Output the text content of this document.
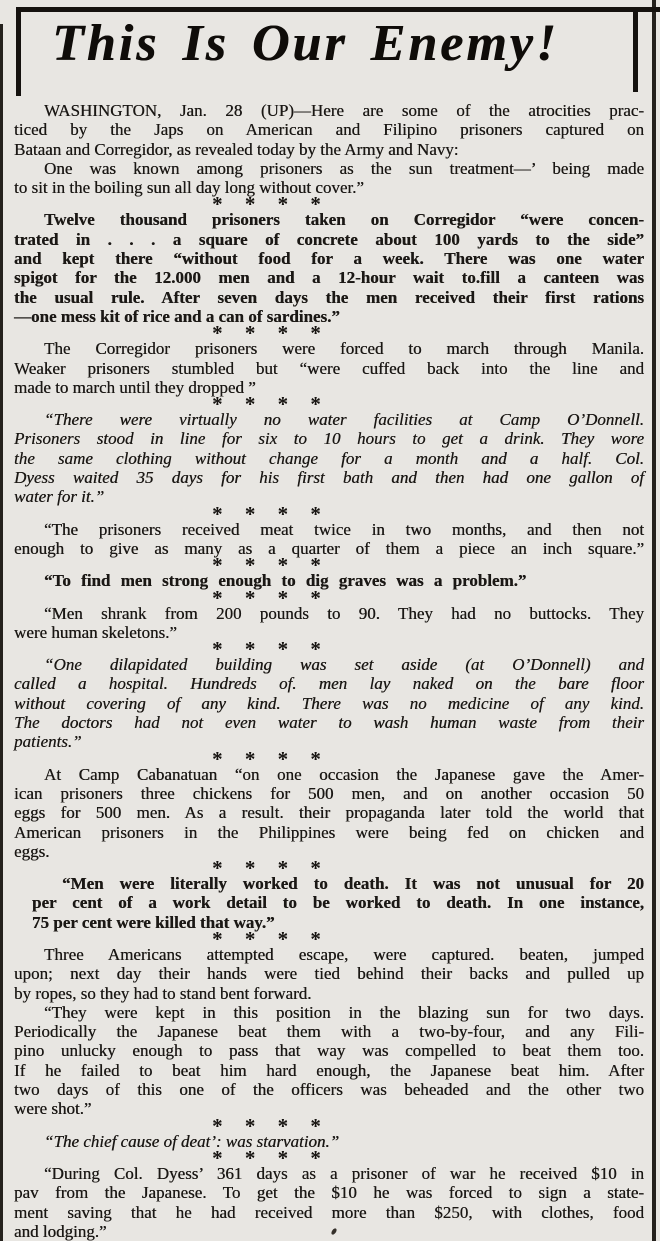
This Is Our Enemy!
WASHINGTON, Jan. 28 (UP)—Here are some of the atrocities prac-
ticed by the Japs on American and Filipino prisoners captured on
Bataan and Corregidor, as revealed today by the Army and Navy:
One was known among prisoners as the sun treatment—’ being made
to sit in the boiling sun all day long without cover.”
* * * *
Twelve thousand prisoners taken on Corregidor “were concen-
trated in . . . a square of concrete about 100 yards to the side”
and kept there “without food for a week. There was one water
spigot for the 12.000 men and a 12-hour wait to.fill a canteen was
the usual rule. After seven days the men received their first rations
—one mess kit of rice and a can of sardines.”
* * * *
The Corregidor prisoners were forced to march through Manila.
Weaker prisoners stumbled but “were cuffed back into the line and
made to march until they dropped ”
* * * *
“There were virtually no water facilities at Camp O’Donnell.
Prisoners stood in line for six to 10 hours to get a drink. They wore
the same clothing without change for a month and a half. Col.
Dyess waited 35 days for his first bath and then had one gallon of
water for it.”
* * * *
“The prisoners received meat twice in two months, and then not
enough to give as many as a quarter of them a piece an inch square.”
* * * *
“To find men strong enough to dig graves was a problem.”
* * * *
“Men shrank from 200 pounds to 90. They had no buttocks. They
were human skeletons.”
* * * *
“One dilapidated building was set aside (at O’Donnell) and
called a hospital. Hundreds of. men lay naked on the bare floor
without covering of any kind. There was no medicine of any kind.
The doctors had not even water to wash human waste from their
patients.”
* * * *
At Camp Cabanatuan “on one occasion the Japanese gave the Amer-
ican prisoners three chickens for 500 men, and on another occasion 50
eggs for 500 men. As a result. their propaganda later told the world that
American prisoners in the Philippines were being fed on chicken and
eggs.
* * * *
“Men were literally worked to death. It was not unusual for 20
per cent of a work detail to be worked to death. In one instance,
75 per cent were killed that way.”
* * * *
Three Americans attempted escape, were captured. beaten, jumped
upon; next day their hands were tied behind their backs and pulled up
by ropes, so they had to stand bent forward.
“They were kept in this position in the blazing sun for two days.
Periodically the Japanese beat them with a two-by-four, and any Fili-
pino unlucky enough to pass that way was compelled to beat them too.
If he failed to beat him hard enough, the Japanese beat him. After
two days of this one of the officers was beheaded and the other two
were shot.”
* * * *
“The chief cause of deat’: was starvation.”
* * * *
“During Col. Dyess’ 361 days as a prisoner of war he received $10 in
pav from the Japanese. To get the $10 he was forced to sign a state-
ment saving that he had received more than $250, with clothes, food
and lodging.”
